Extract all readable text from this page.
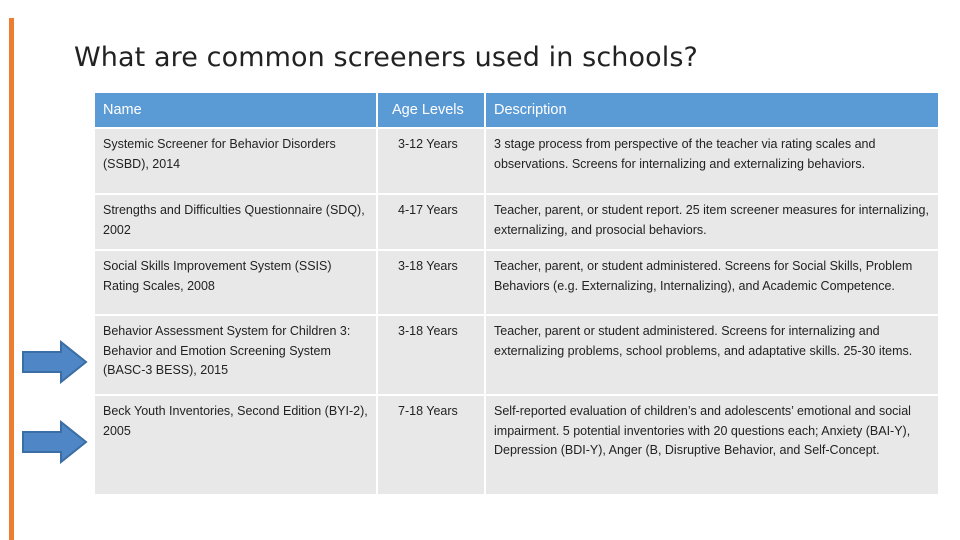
What are common screeners used in schools?
Name	Age Levels	Description
Systemic Screener for Behavior Disorders (SSBD), 2014	3-12 Years	3 stage process from perspective of the teacher via rating scales and observations. Screens for internalizing and externalizing behaviors.
Strengths and Difficulties Questionnaire (SDQ), 2002	4-17 Years	Teacher, parent, or student report. 25 item screener measures for internalizing, externalizing, and prosocial behaviors.
Social Skills Improvement System (SSIS) Rating Scales, 2008	3-18 Years	Teacher, parent, or student administered. Screens for Social Skills, Problem Behaviors (e.g. Externalizing, Internalizing), and Academic Competence.
Behavior Assessment System for Children 3: Behavior and Emotion Screening System (BASC-3 BESS), 2015	3-18 Years	Teacher, parent or student administered. Screens for internalizing and externalizing problems, school problems, and adaptative skills. 25-30 items.
Beck Youth Inventories, Second Edition (BYI-2), 2005	7-18 Years	Self-reported evaluation of children’s and adolescents’ emotional and social impairment. 5 potential inventories with 20 questions each; Anxiety (BAI-Y), Depression (BDI-Y), Anger (B, Disruptive Behavior, and Self-Concept.
